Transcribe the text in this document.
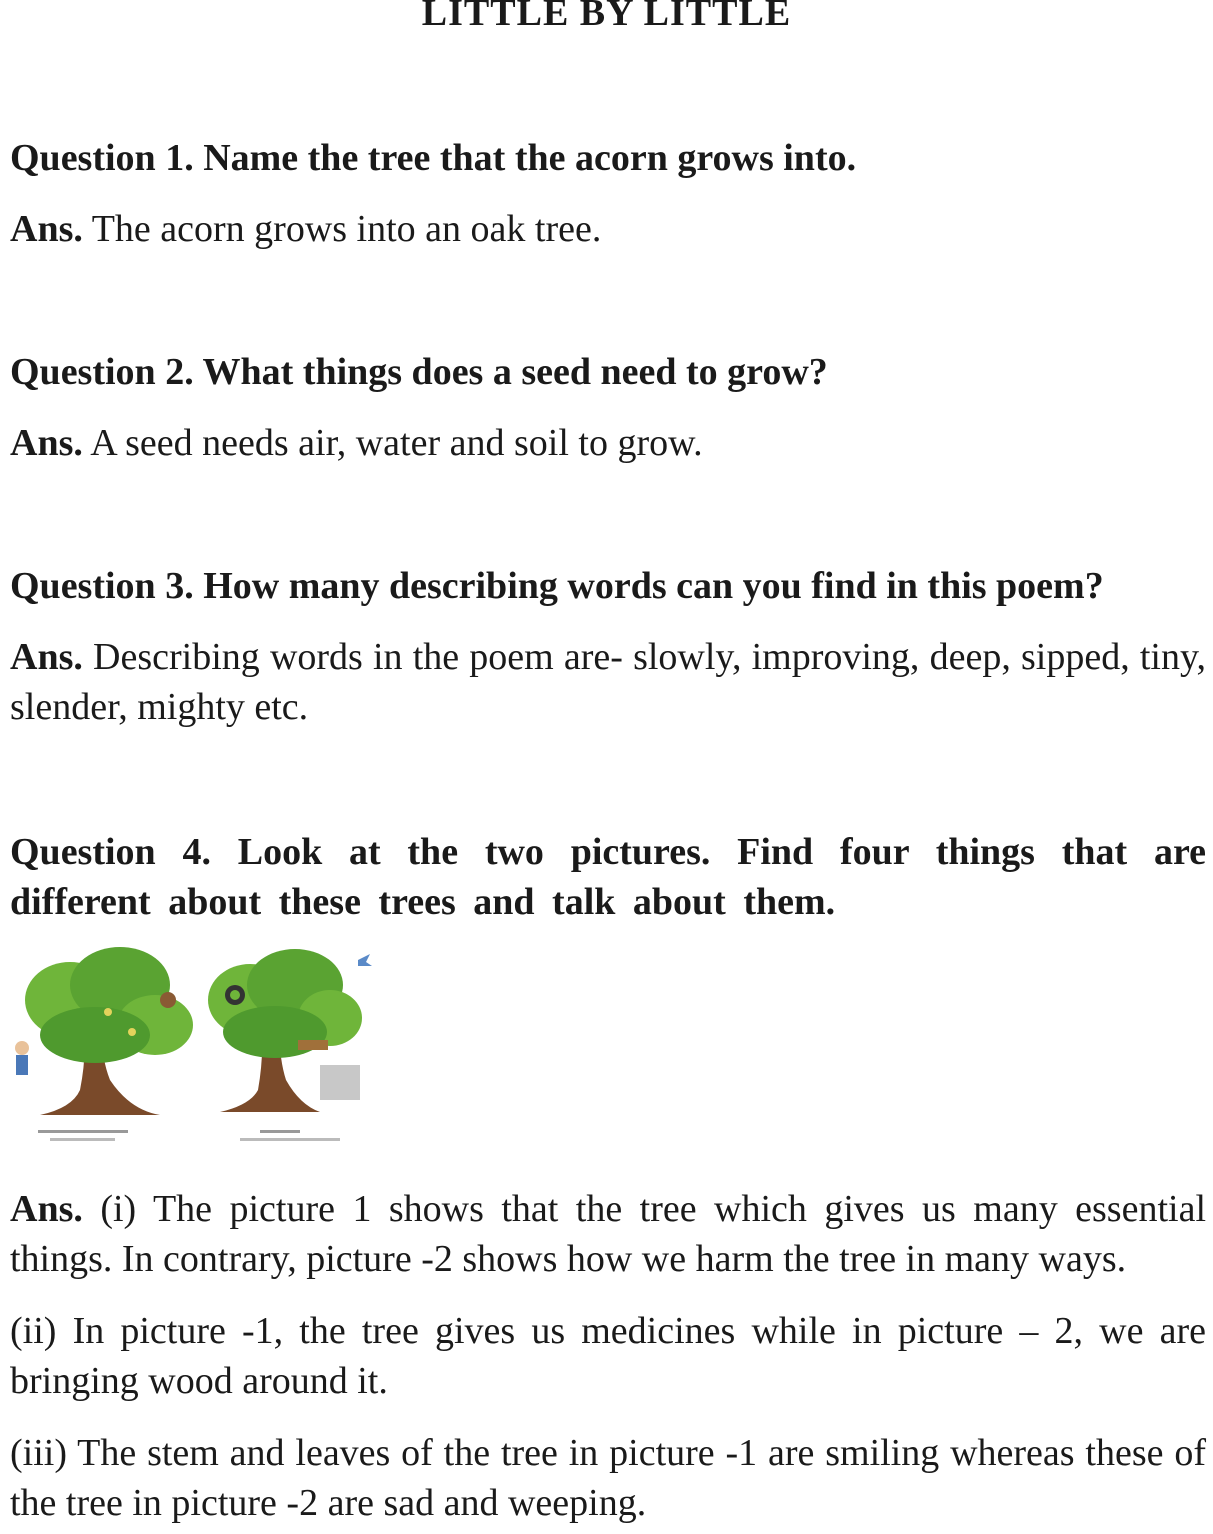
LITTLE BY LITTLE

Question 1. Name the tree that the acorn grows into.

Ans. The acorn grows into an oak tree.

Question 2. What things does a seed need to grow?

Ans. A seed needs air, water and soil to grow.

Question 3. How many describing words can you find in this poem?

Ans. Describing words in the poem are- slowly, improving, deep, sipped, tiny, slender, mighty etc.

Question 4. Look at the two pictures. Find four things that are different about these trees and talk about them.

Ans. (i) The picture 1 shows that the tree which gives us many essential things. In contrary, picture -2 shows how we harm the tree in many ways.

(ii) In picture -1, the tree gives us medicines while in picture – 2, we are bringing wood around it.

(iii) The stem and leaves of the tree in picture -1 are smiling whereas these of the tree in picture -2 are sad and weeping.
